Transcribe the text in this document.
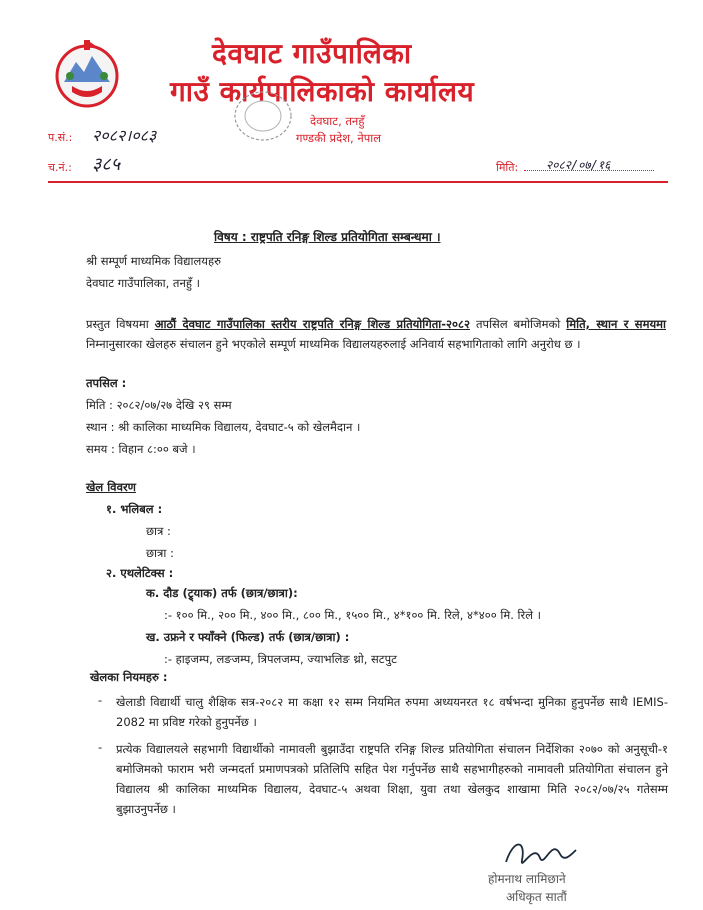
देवघाट गाउँपालिका
गाउँ कार्यपालिकाको कार्यालय
देवघाट, तनहुँ
गण्डकी प्रदेश, नेपाल
प.सं.: २०८२।०८३
च.नं.: ३८५	मिति: २०८२/०७/१६
विषय : राष्ट्रपति रनिङ्ग शिल्ड प्रतियोगिता सम्बन्धमा ।
श्री सम्पूर्ण माध्यमिक विद्यालयहरु
देवघाट गाउँपालिका, तनहुँ ।
प्रस्तुत विषयमा आठौं देवघाट गाउँपालिका स्तरीय राष्ट्रपति रनिङ्ग शिल्ड प्रतियोगिता-२०८२ तपसिल बमोजिमको मिति, स्थान र समयमा निम्नानुसारका खेलहरु संचालन हुने भएकोले सम्पूर्ण माध्यमिक विद्यालयहरुलाई अनिवार्य सहभागिताको लागि अनुरोध छ ।
तपसिल :
मिति : २०८२/०७/२७ देखि २९ सम्म
स्थान : श्री कालिका माध्यमिक विद्यालय, देवघाट-५ को खेलमैदान ।
समय : विहान ८:०० बजे ।
खेल विवरण
१. भलिबल :
छात्र :
छात्रा :
२. एथलेटिक्स :
क. दौड (ट्र्याक) तर्फ (छात्र/छात्रा):
:- १०० मि., २०० मि., ४०० मि., ८०० मि., १५०० मि., ४*१०० मि. रिले, ४*४०० मि. रिले ।
ख. उफ्रने र फ्याँक्ने (फिल्ड) तर्फ (छात्र/छात्रा) :
:- हाइजम्प, लङजम्प, त्रिपलजम्प, ज्याभलिङ थ्रो, सटपुट
खेलका नियमहरु :
- खेलाडी विद्यार्थी चालु शैक्षिक सत्र-२०८२ मा कक्षा १२ सम्म नियमित रुपमा अध्ययनरत १८ वर्षभन्दा मुनिका हुनुपर्नेछ साथै IEMIS-2082 मा प्रविष्ट गरेको हुनुपर्नेछ ।
- प्रत्येक विद्यालयले सहभागी विद्यार्थीको नामावली बुझाउँदा राष्ट्रपति रनिङ्ग शिल्ड प्रतियोगिता संचालन निर्देशिका २०७० को अनुसूची-१ बमोजिमको फाराम भरी जन्मदर्ता प्रमाणपत्रको प्रतिलिपि सहित पेश गर्नुपर्नेछ साथै सहभागीहरुको नामावली प्रतियोगिता संचालन हुने विद्यालय श्री कालिका माध्यमिक विद्यालय, देवघाट-५ अथवा शिक्षा, युवा तथा खेलकुद शाखामा मिति २०८२/०७/२५ गतेसम्म बुझाउनुपर्नेछ ।
होमनाथ लामिछाने
अधिकृत सातौं
